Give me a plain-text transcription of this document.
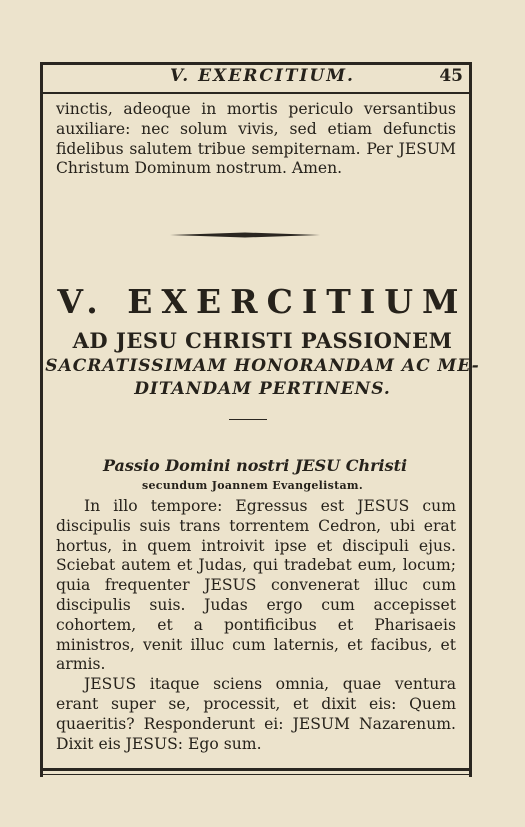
V. EXERCITIUM.	45

vinctis, adeoque in mortis periculo versantibus auxiliare: nec solum vivis, sed etiam defunctis fidelibus salutem tribue sempiternam. Per JESUM Christum Dominum nostrum. Amen.

V. EXERCITIUM
AD JESU CHRISTI PASSIONEM
SACRATISSIMAM HONORANDAM AC ME-
DITANDAM PERTINENS.
Passio Domini nostri JESU Christi
secundum Joannem Evangelistam.

In illo tempore: Egressus est JESUS cum discipulis suis trans torrentem Cedron, ubi erat hortus, in quem introivit ipse et discipuli ejus. Sciebat autem et Judas, qui tradebat eum, locum; quia frequenter JESUS convenerat illuc cum discipulis suis. Judas ergo cum accepisset cohortem, et a pontificibus et Pharisaeis ministros, venit illuc cum laternis, et facibus, et armis.

JESUS itaque sciens omnia, quae ventura erant super se, processit, et dixit eis: Quem quaeritis? Responderunt ei: JESUM Nazarenum. Dixit eis JESUS: Ego sum.
